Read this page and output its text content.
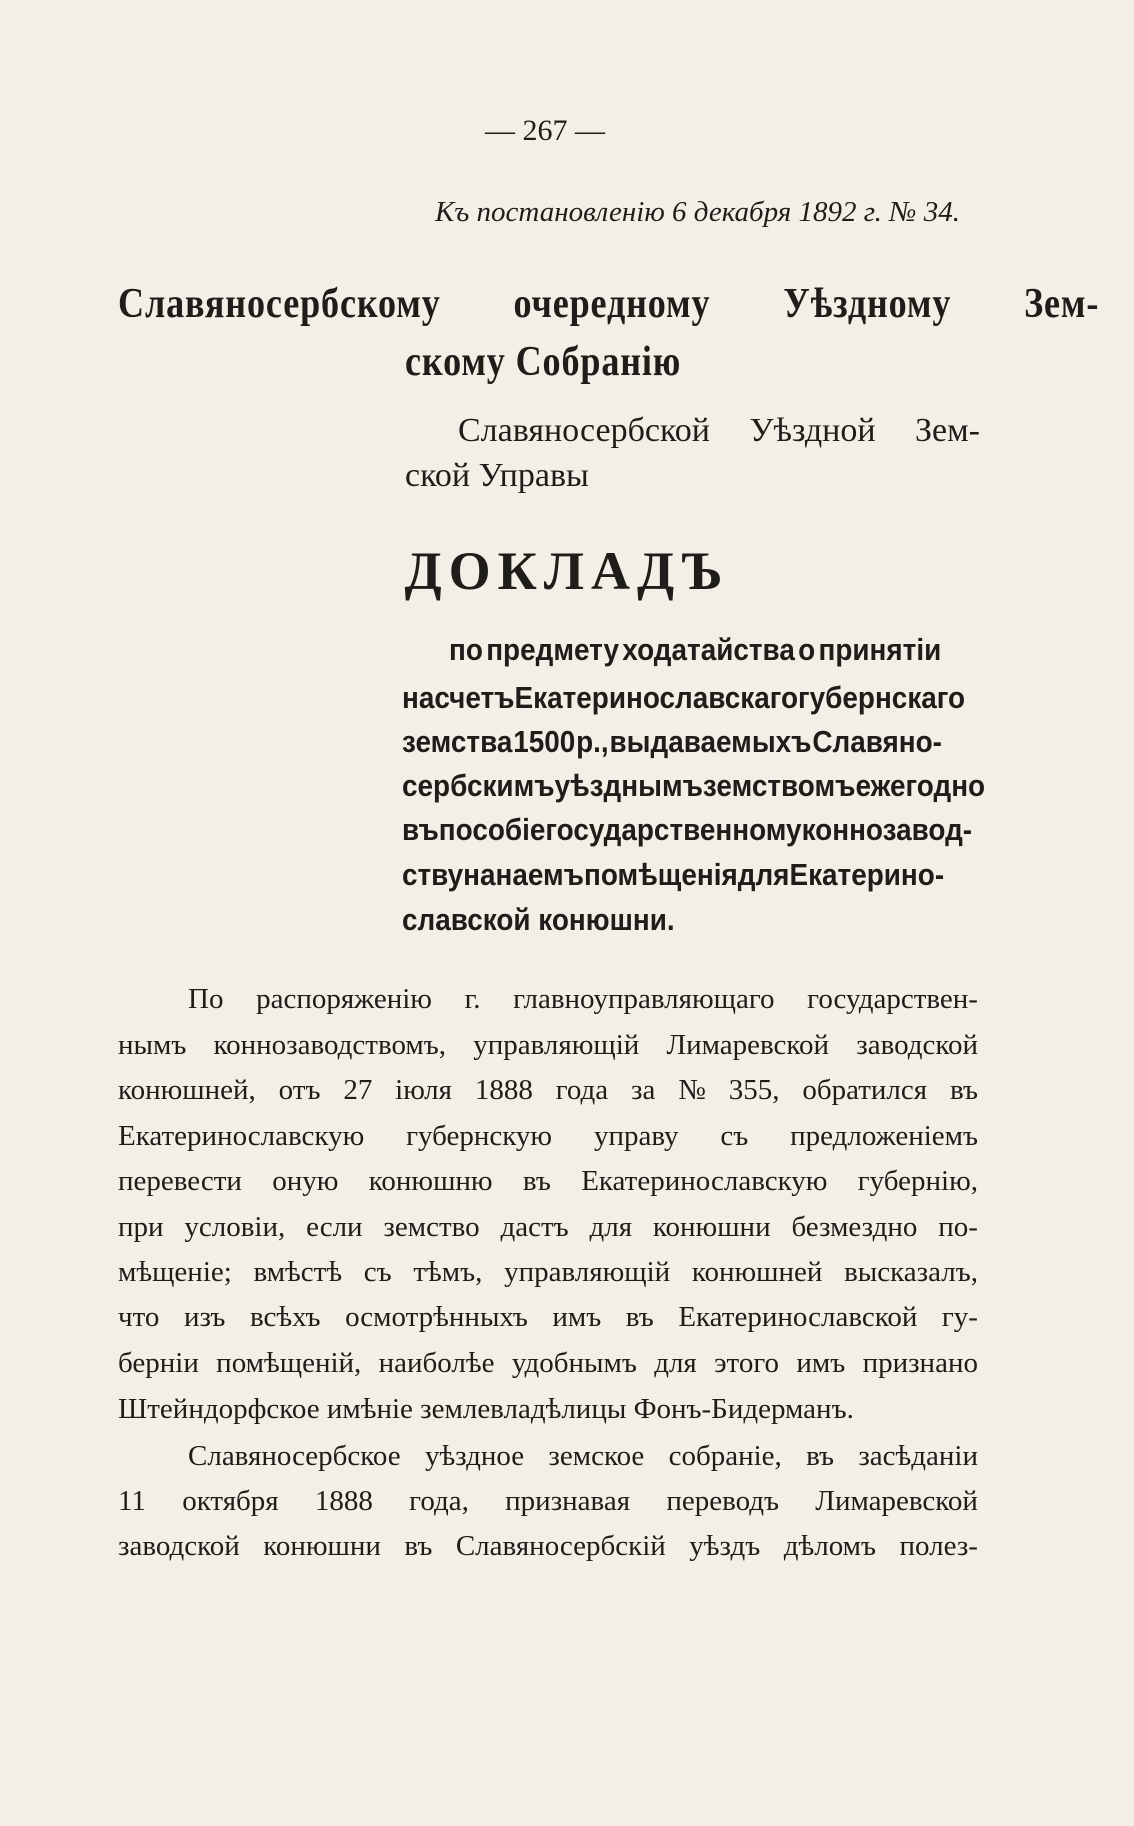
— 267 —
Къ постановленію 6 декабря 1892 г. № 34.
Славяносербскому очередному Уѣздному Зем-
скому Собранію
Славяносербской Уѣздной Зем-
ской Управы
ДОКЛАДЪ
по предмету ходатайства о принятіи
на счетъ Екатеринославскаго губернскаго
земства 1500 р., выдаваемыхъ Славяно-
сербскимъ уѣзднымъ земствомъ ежегодно
въ пособіе государственному коннозавод-
ству на наемъ помѣщенія для Екатерино-
славской конюшни.
По распоряженію г. главноуправляющаго государствен-
нымъ коннозаводствомъ, управляющій Лимаревской заводской
конюшней, отъ 27 іюля 1888 года за № 355, обратился въ
Екатеринославскую губернскую управу съ предложеніемъ
перевести оную конюшню въ Екатеринославскую губернію,
при условіи, если земство дастъ для конюшни безмездно по-
мѣщеніе; вмѣстѣ съ тѣмъ, управляющій конюшней высказалъ,
что изъ всѣхъ осмотрѣнныхъ имъ въ Екатеринославской гу-
берніи помѣщеній, наиболѣе удобнымъ для этого имъ признано
Штейндорфское имѣніе землевладѣлицы Фонъ-Бидерманъ.
Славяносербское уѣздное земское собраніе, въ засѣданіи
11 октября 1888 года, признавая переводъ Лимаревской
заводской конюшни въ Славяносербскій уѣздъ дѣломъ полез-
